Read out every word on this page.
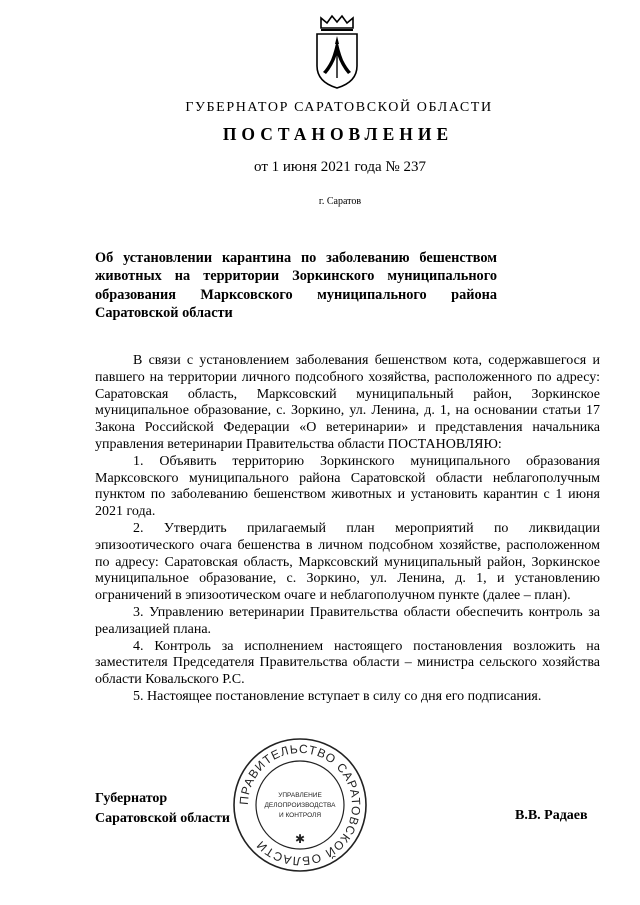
ГУБЕРНАТОР САРАТОВСКОЙ ОБЛАСТИ
ПОСТАНОВЛЕНИЕ
от 1 июня 2021 года № 237
г. Саратов
Об установлении карантина по заболеванию бешенством животных на территории Зоркинского муниципального образования Марксовского муниципального района Саратовской области

В связи с установлением заболевания бешенством кота, содержавшегося и павшего на территории личного подсобного хозяйства, расположенного по адресу: Саратовская область, Марксовский муниципальный район, Зоркинское муниципальное образование, с. Зоркино, ул. Ленина, д. 1, на основании статьи 17 Закона Российской Федерации «О ветеринарии» и представления начальника управления ветеринарии Правительства области ПОСТАНОВЛЯЮ:

1. Объявить территорию Зоркинского муниципального образования Марксовского муниципального района Саратовской области неблагополучным пунктом по заболеванию бешенством животных и установить карантин с 1 июня 2021 года.

2. Утвердить прилагаемый план мероприятий по ликвидации эпизоотического очага бешенства в личном подсобном хозяйстве, расположенном по адресу: Саратовская область, Марксовский муниципальный район, Зоркинское муниципальное образование, с. Зоркино, ул. Ленина, д. 1, и установлению ограничений в эпизоотическом очаге и неблагополучном пункте (далее – план).

3. Управлению ветеринарии Правительства области обеспечить контроль за реализацией плана.

4. Контроль за исполнением настоящего постановления возложить на заместителя Председателя Правительства области – министра сельского хозяйства области Ковальского Р.С.

5. Настоящее постановление вступает в силу со дня его подписания.

ПРАВИТЕЛЬСТВО САРАТОВСКОЙ ОБЛАСТИ
УПРАВЛЕНИЕ
ДЕЛОПРОИЗВОДСТВА
И КОНТРОЛЯ
✱
Губернатор
Саратовской области	В.В. Радаев
